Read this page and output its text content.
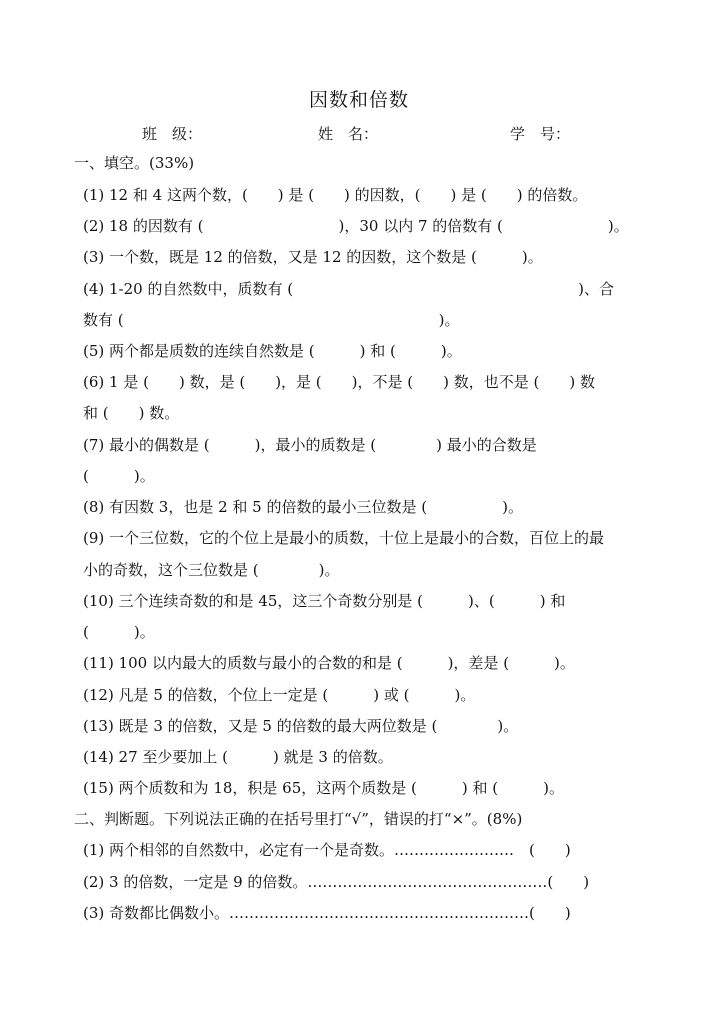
因数和倍数
班　级：	姓　名：	学　号：
一、填空。(33%)
(1) 12 和 4 这两个数，(　　) 是 (　　) 的因数，(　　) 是 (　　) 的倍数。
(2) 18 的因数有 (　　　　　　　　　)，30 以内 7 的倍数有 (　　　　　　　)。
(3) 一个数，既是 12 的倍数，又是 12 的因数，这个数是 (　　　)。
(4) 1-20 的自然数中，质数有 (　　　　　　　　　　　　　　　　　　　)、合
数有 (　　　　　　　　　　　　　　　　　　　　　)。
(5) 两个都是质数的连续自然数是 (　　　) 和 (　　　)。
(6) 1 是 (　　) 数，是 (　　)，是 (　　)，不是 (　　) 数，也不是 (　　) 数
和 (　　) 数。
(7) 最小的偶数是 (　　　)，最小的质数是 (　　　　) 最小的合数是
(　　　)。
(8) 有因数 3，也是 2 和 5 的倍数的最小三位数是 (　　　　　)。
(9) 一个三位数，它的个位上是最小的质数，十位上是最小的合数，百位上的最
小的奇数，这个三位数是 (　　　　)。
(10) 三个连续奇数的和是 45，这三个奇数分别是 (　　　)、(　　　) 和
(　　　)。
(11) 100 以内最大的质数与最小的合数的和是 (　　　)，差是 (　　　)。
(12) 凡是 5 的倍数，个位上一定是 (　　　) 或 (　　　)。
(13) 既是 3 的倍数，又是 5 的倍数的最大两位数是 (　　　　)。
(14) 27 至少要加上 (　　　) 就是 3 的倍数。
(15) 两个质数和为 18，积是 65，这两个质数是 (　　　) 和 (　　　)。
二、判断题。下列说法正确的在括号里打“√”，错误的打“×”。(8%)
(1) 两个相邻的自然数中，必定有一个是奇数。……………………　(　　)
(2) 3 的倍数，一定是 9 的倍数。…………………………………………(　　)
(3) 奇数都比偶数小。……………………………………………………(　　)
